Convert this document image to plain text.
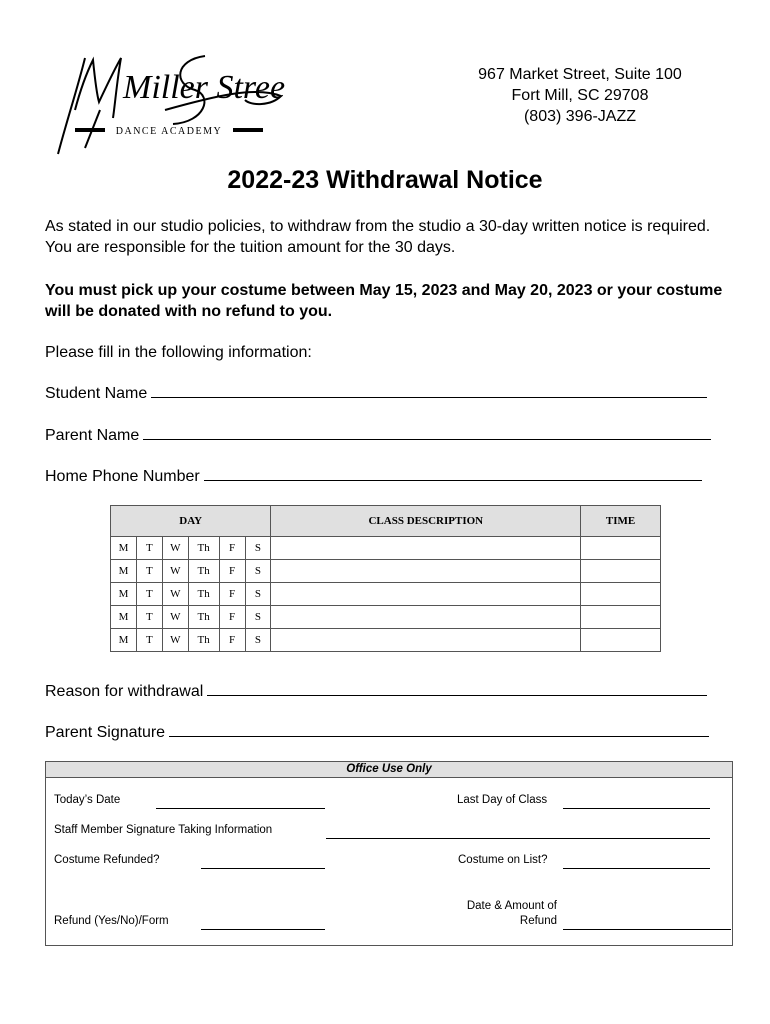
Miller Street
DANCE ACADEMY
967 Market Street, Suite 100
Fort Mill, SC 29708
(803) 396-JAZZ
2022-23 Withdrawal Notice
As stated in our studio policies, to withdraw from the studio a 30-day written notice is required. You are responsible for the tuition amount for the 30 days.
You must pick up your costume between May 15, 2023 and May 20, 2023 or your costume will be donated with no refund to you.
Please fill in the following information:
Student Name
Parent Name
Home Phone Number
DAY						CLASS DESCRIPTION	TIME
M	T	W	Th	F	S		
M	T	W	Th	F	S		
M	T	W	Th	F	S		
M	T	W	Th	F	S		
M	T	W	Th	F	S		
Reason for withdrawal
Parent Signature
Office Use Only
Today’s Date	Last Day of Class
Staff Member Signature Taking Information
Costume Refunded?	Costume on List?
Refund (Yes/No)/Form
Date & Amount of
Refund
